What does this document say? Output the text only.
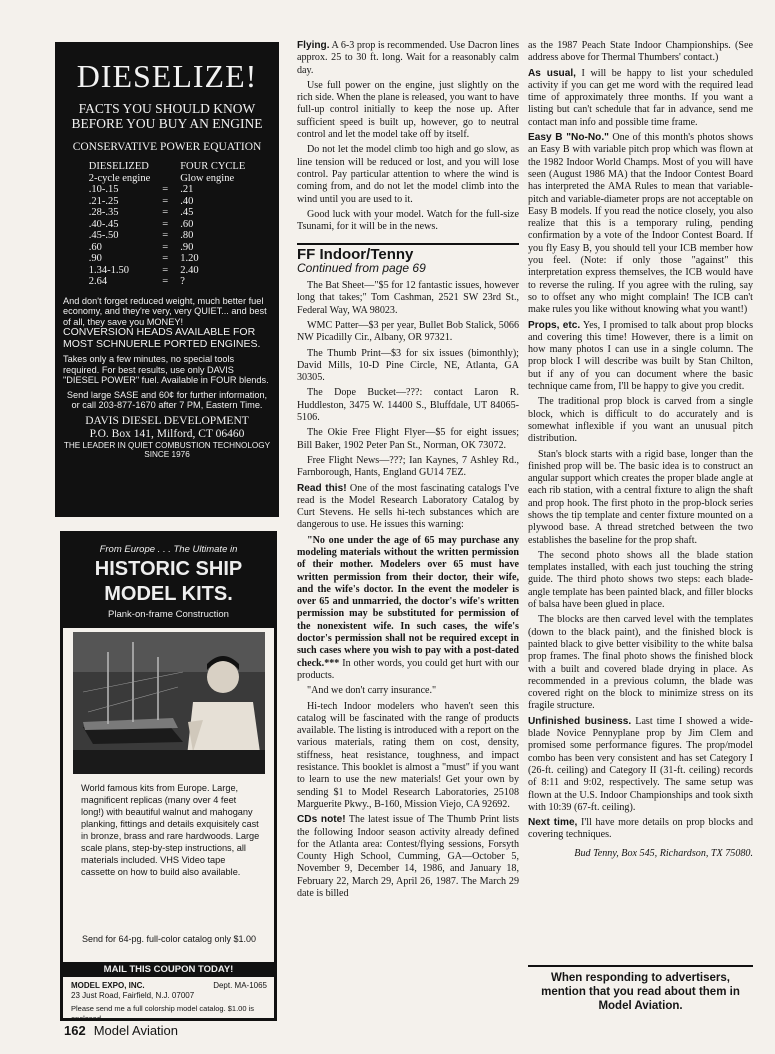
DIESELIZE!
FACTS YOU SHOULD KNOW BEFORE YOU BUY AN ENGINE
CONSERVATIVE POWER EQUATION
DIESELIZED		FOUR CYCLE
2-cycle engine		Glow engine
.10-.15	=	.21
.21-.25	=	.40
.28-.35	=	.45
.40-.45	=	.60
.45-.50	=	.80
.60	=	.90
.90	=	1.20
1.34-1.50	=	2.40
2.64	=	?
And don't forget reduced weight, much better fuel economy, and they're very, very QUIET... and best of all, they save you MONEY!
CONVERSION HEADS AVAILABLE FOR MOST SCHNUERLE PORTED ENGINES.
Takes only a few minutes, no special tools required. For best results, use only DAVIS "DIESEL POWER" fuel. Available in FOUR blends.
Send large SASE and 60¢ for further information, or call 203-877-1670 after 7 PM, Eastern Time.
DAVIS DIESEL DEVELOPMENT
P.O. Box 141, Milford, CT 06460
THE LEADER IN QUIET COMBUSTION TECHNOLOGY SINCE 1976
From Europe . . . The Ultimate in
HISTORIC SHIP
MODEL KITS.
Plank-on-frame Construction
World famous kits from Europe. Large, magnificent replicas (many over 4 feet long!) with beautiful walnut and mahogany planking, fittings and details exquisitely cast in bronze, brass and rare hardwoods. Large scale plans, step-by-step instructions, all materials included. VHS Video tape cassette on how to build also available.
Send for 64-pg. full-color catalog only $1.00
MAIL THIS COUPON TODAY!
MODEL EXPO, INC.	Dept. MA-1065
23 Just Road, Fairfield, N.J. 07007
Please send me a full colorship model catalog. $1.00 is enclosed.

Flying. A 6-3 prop is recommended. Use Dacron lines approx. 25 to 30 ft. long. Wait for a reasonably calm day.

Use full power on the engine, just slightly on the rich side. When the plane is released, you want to have full-up control initially to keep the nose up. After sufficient speed is built up, however, go to neutral control and let the model take off by itself.

Do not let the model climb too high and go slow, as line tension will be reduced or lost, and you will lose control. Pay particular attention to where the wind is coming from, and do not let the model climb into the wind until you are used to it.

Good luck with your model. Watch for the full-size Tsunami, for it will be in the news.

FF Indoor/Tenny
Continued from page 69

The Bat Sheet—"$5 for 12 fantastic issues, however long that takes;" Tom Cashman, 2521 SW 23rd St., Federal Way, WA 98023.

WMC Patter—$3 per year, Bullet Bob Stalick, 5066 NW Picadilly Cir., Albany, OR 97321.

The Thumb Print—$3 for six issues (bimonthly); David Mills, 10-D Pine Circle, NE, Atlanta, GA 30305.

The Dope Bucket—???: contact Laron R. Huddleston, 3475 W. 14400 S., Bluffdale, UT 84065-5106.

The Okie Free Flight Flyer—$5 for eight issues; Bill Baker, 1902 Peter Pan St., Norman, OK 73072.

Free Flight News—???; Ian Kaynes, 7 Ashley Rd., Farnborough, Hants, England GU14 7EZ.

Read this! One of the most fascinating catalogs I've read is the Model Research Laboratory Catalog by Curt Stevens. He sells hi-tech substances which are dangerous to use. He issues this warning:

"No one under the age of 65 may purchase any modeling materials without the written permission of their mother. Modelers over 65 must have written permission from their doctor, their wife, and the wife's doctor. In the event the modeler is over 65 and unmarried, the doctor's wife's written permission may be substituted for permission of the nonexistent wife. In such cases, the wife's doctor's permission shall not be required except in such cases where you wish to pay with a post-dated check.*** In other words, you could get hurt with our products.

"And we don't carry insurance."

Hi-tech Indoor modelers who haven't seen this catalog will be fascinated with the range of products available. The listing is introduced with a report on the various materials, rating them on cost, density, stiffness, heat resistance, toughness, and impact resistance. This booklet is almost a "must" if you want to learn to use the new materials! Get your own by sending $1 to Model Research Laboratories, 25108 Marguerite Pkwy., B-160, Mission Viejo, CA 92692.

CDs note! The latest issue of The Thumb Print lists the following Indoor season activity already defined for the Atlanta area: Contest/flying sessions, Forsyth County High School, Cumming, GA—October 5, November 9, December 14, 1986, and January 18, February 22, March 29, April 26, 1987. The March 29 date is billed

as the 1987 Peach State Indoor Championships. (See address above for Thermal Thumbers' contact.)

As usual, I will be happy to list your scheduled activity if you can get me word with the required lead time of approximately three months. If you want a listing but can't schedule that far in advance, send me contact man info and possible time frame.

Easy B "No-No." One of this month's photos shows an Easy B with variable pitch prop which was flown at the 1982 Indoor World Champs. Most of you will have seen (August 1986 MA) that the Indoor Contest Board has interpreted the AMA Rules to mean that variable-pitch and variable-diameter props are not acceptable on Easy B models. If you read the notice closely, you also realize that this is a temporary ruling, pending confirmation by a vote of the Indoor Contest Board. If you fly Easy B, you should tell your ICB member how you feel. (Note: if only those "against" this interpretation express themselves, the ICB would have to reverse the ruling. If you agree with the ruling, say so to offset any who might complain! The ICB can't make rules you like without knowing what you want!)

Props, etc. Yes, I promised to talk about prop blocks and covering this time! However, there is a limit on how many photos I can use in a single column. The prop block I will describe was built by Stan Chilton, but if any of you can document where the basic technique came from, I'll be happy to give you credit.

The traditional prop block is carved from a single block, which is difficult to do accurately and is somewhat inflexible if you want an unusual pitch distribution.

Stan's block starts with a rigid base, longer than the finished prop will be. The basic idea is to construct an angular support which creates the proper blade angle at each rib station, with a central fixture to align the shaft and prop hook. The first photo in the prop-block series shows the tip template and center fixture mounted on a plywood base. A thread stretched between the two establishes the baseline for the prop shaft.

The second photo shows all the blade station templates installed, with each just touching the string guide. The third photo shows two steps: each blade-angle template has been painted black, and filler blocks of balsa have been glued in place.

The blocks are then carved level with the templates (down to the black paint), and the finished block is painted black to give better visibility to the white balsa prop frames. The final photo shows the finished block with a built and covered blade drying in place. As recommended in a previous column, the blade was covered right on the block to minimize stress on its fragile structure.

Unfinished business. Last time I showed a wide-blade Novice Pennyplane prop by Jim Clem and promised some performance figures. The prop/model combo has been very consistent and has set Category I (26-ft. ceiling) and Category II (31-ft. ceiling) records of 8:11 and 9:02, respectively. The same setup was flown at the U.S. Indoor Championships and took sixth with 10:39 (67-ft. ceiling).

Next time, I'll have more details on prop blocks and covering techniques.

Bud Tenny, Box 545, Richardson, TX 75080.
When responding to advertisers, mention that you read about them in Model Aviation.
162 Model Aviation
